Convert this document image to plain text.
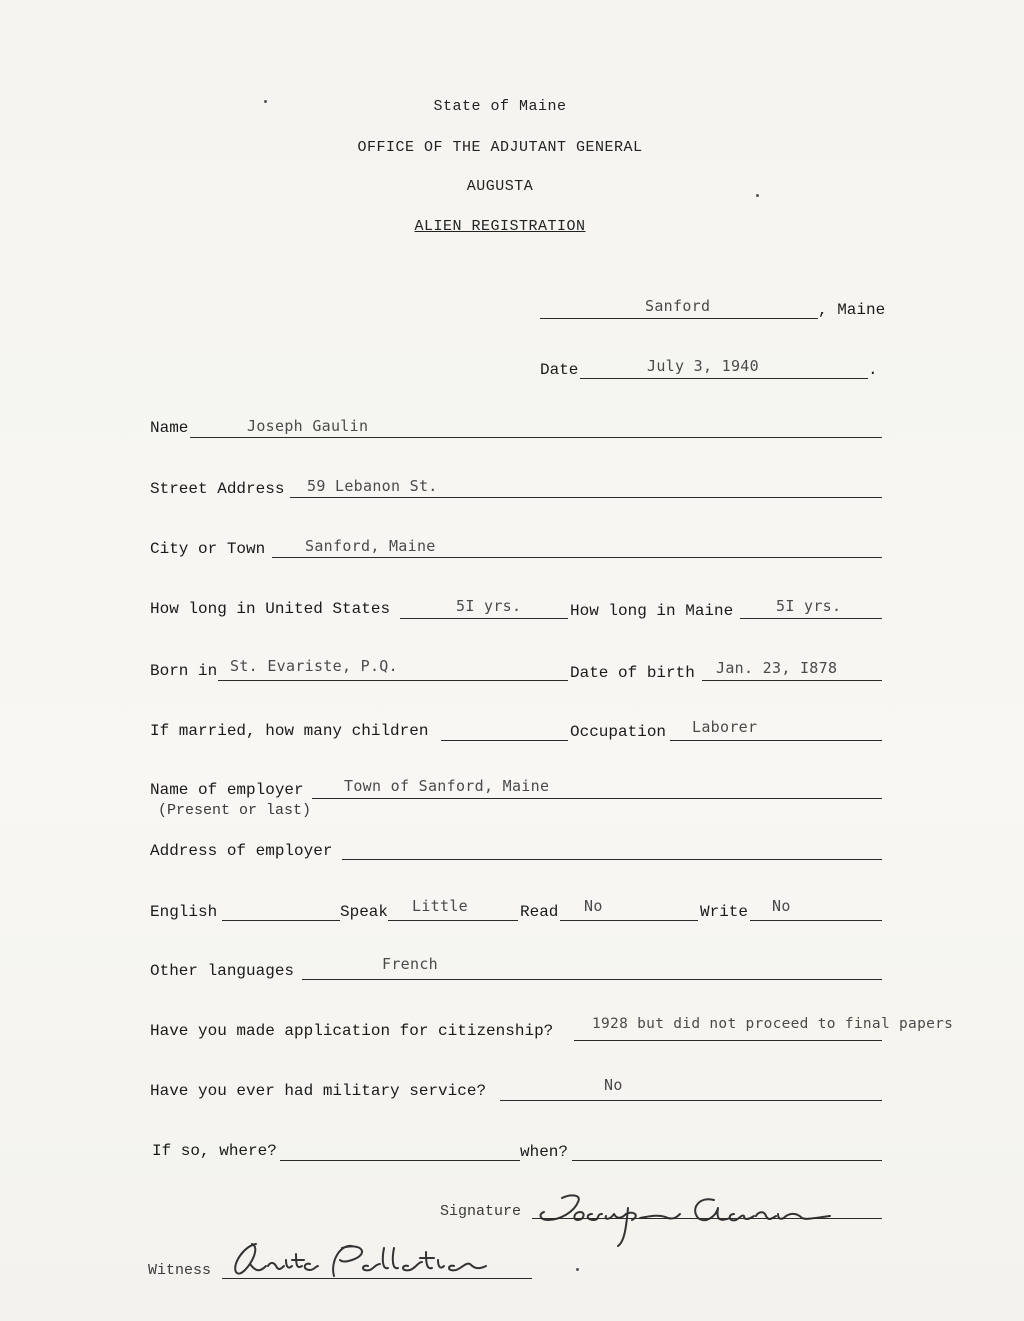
State of Maine
OFFICE OF THE ADJUTANT GENERAL
AUGUSTA
ALIEN REGISTRATION
Sanford	, Maine
Date	July 3, 1940	.
Name	Joseph Gaulin
Street Address 59 Lebanon St.
City or Town	Sanford, Maine
How long in United States	5I yrs.	How long in Maine	5I yrs.
Born in St. Evariste, P.Q.	Date of birth Jan. 23, I878
If married, how many children	Occupation Laborer
Name of employer
(Present or last)
Town of Sanford, Maine
Address of employer
English	Speak Little	Read No	Write No
Other languages	French
Have you made application for citizenship?	1928 but did not proceed to final papers
Have you ever had military service?	No
If so, where?	when?
Signature
Witness
